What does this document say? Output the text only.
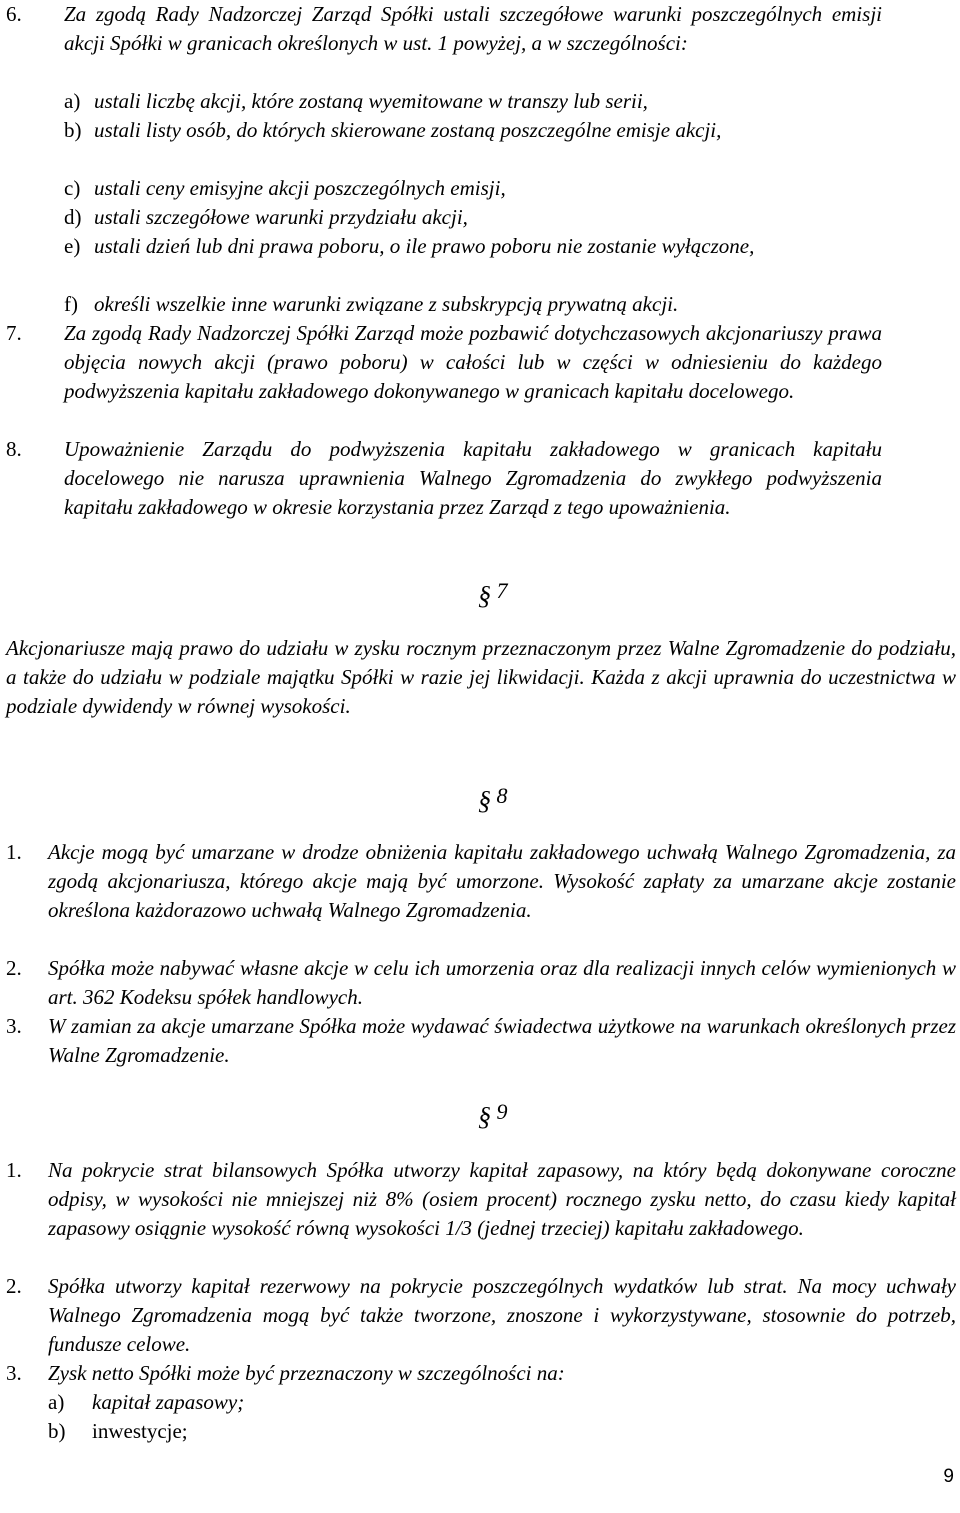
6. Za zgodą Rady Nadzorczej Zarząd Spółki ustali szczegółowe warunki poszczególnych emisji akcji Spółki w granicach określonych w ust. 1 powyżej, a w szczególności:
a) ustali liczbę akcji, które zostaną wyemitowane w transzy lub serii,
b) ustali listy osób, do których skierowane zostaną poszczególne emisje akcji,
c) ustali ceny emisyjne akcji poszczególnych emisji,
d) ustali szczegółowe warunki przydziału akcji,
e) ustali dzień lub dni prawa poboru, o ile prawo poboru nie zostanie wyłączone,
f) określi wszelkie inne warunki związane z subskrypcją prywatną akcji.
7. Za zgodą Rady Nadzorczej Spółki Zarząd może pozbawić dotychczasowych akcjonariuszy prawa objęcia nowych akcji (prawo poboru) w całości lub w części w odniesieniu do każdego podwyższenia kapitału zakładowego dokonywanego w granicach kapitału docelowego.
8. Upoważnienie Zarządu do podwyższenia kapitału zakładowego w granicach kapitału docelowego nie narusza uprawnienia Walnego Zgromadzenia do zwykłego podwyższenia kapitału zakładowego w okresie korzystania przez Zarząd z tego upoważnienia.
§ 7
Akcjonariusze mają prawo do udziału w zysku rocznym przeznaczonym przez Walne Zgromadzenie do podziału, a także do udziału w podziale majątku Spółki w razie jej likwidacji. Każda z akcji uprawnia do uczestnictwa w podziale dywidendy w równej wysokości.
§ 8
1. Akcje mogą być umarzane w drodze obniżenia kapitału zakładowego uchwałą Walnego Zgromadzenia, za zgodą akcjonariusza, którego akcje mają być umorzone. Wysokość zapłaty za umarzane akcje zostanie określona każdorazowo uchwałą Walnego Zgromadzenia.
2. Spółka może nabywać własne akcje w celu ich umorzenia oraz dla realizacji innych celów wymienionych w art. 362 Kodeksu spółek handlowych.
3. W zamian za akcje umarzane Spółka może wydawać świadectwa użytkowe na warunkach określonych przez Walne Zgromadzenie.
§ 9
1. Na pokrycie strat bilansowych Spółka utworzy kapitał zapasowy, na który będą dokonywane coroczne odpisy, w wysokości nie mniejszej niż 8% (osiem procent) rocznego zysku netto, do czasu kiedy kapitał zapasowy osiągnie wysokość równą wysokości 1/3 (jednej trzeciej) kapitału zakładowego.
2. Spółka utworzy kapitał rezerwowy na pokrycie poszczególnych wydatków lub strat. Na mocy uchwały Walnego Zgromadzenia mogą być także tworzone, znoszone i wykorzystywane, stosownie do potrzeb, fundusze celowe.
3. Zysk netto Spółki może być przeznaczony w szczególności na:
a) kapitał zapasowy;
b) inwestycje;
9
